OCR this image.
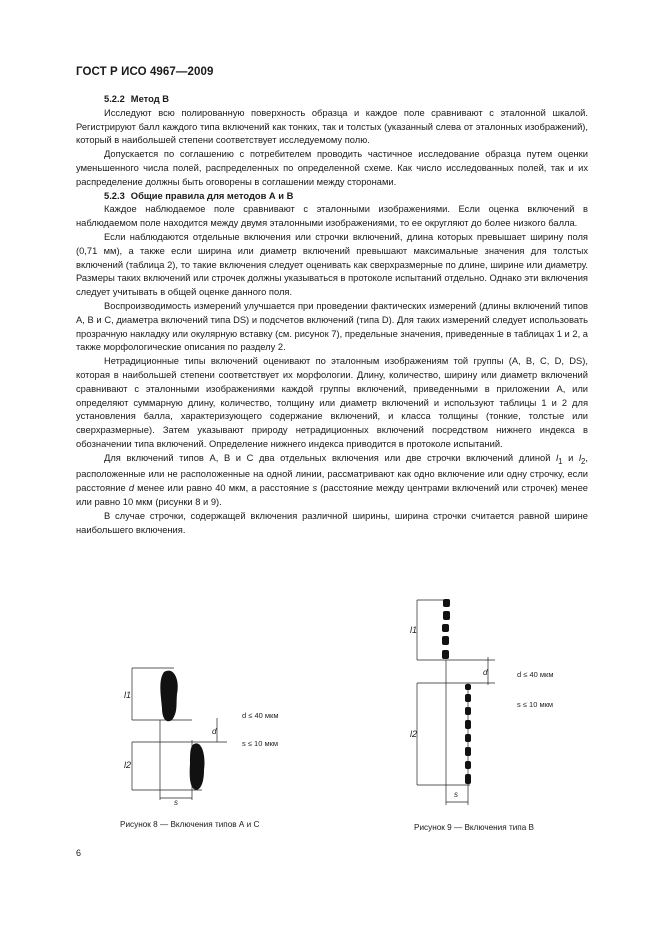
ГОСТ Р ИСО 4967—2009

5.2.2 Метод В

Исследуют всю полированную поверхность образца и каждое поле сравнивают с эталонной шкалой. Регистрируют балл каждого типа включений как тонких, так и толстых (указанный слева от эталонных изображений), который в наибольшей степени соответствует исследуемому полю.

Допускается по соглашению с потребителем проводить частичное исследование образца путем оценки уменьшенного числа полей, распределенных по определенной схеме. Как число исследованных полей, так и их распределение должны быть оговорены в соглашении между сторонами.

5.2.3 Общие правила для методов А и В

Каждое наблюдаемое поле сравнивают с эталонными изображениями. Если оценка включений в наблюдаемом поле находится между двумя эталонными изображениями, то ее округляют до более низкого балла.

Если наблюдаются отдельные включения или строчки включений, длина которых превышает ширину поля (0,71 мм), а также если ширина или диаметр включений превышают максимальные значения для толстых включений (таблица 2), то такие включения следует оценивать как сверхразмерные по длине, ширине или диаметру. Размеры таких включений или строчек должны указываться в протоколе испытаний отдельно. Однако эти включения следует учитывать в общей оценке данного поля.

Воспроизводимость измерений улучшается при проведении фактических измерений (длины включений типов А, В и С, диаметра включений типа DS) и подсчетов включений (типа D). Для таких измерений следует использовать прозрачную накладку или окулярную вставку (см. рисунок 7), предельные значения, приведенные в таблицах 1 и 2, а также морфологические описания по разделу 2.

Нетрадиционные типы включений оценивают по эталонным изображениям той группы (А, В, С, D, DS), которая в наибольшей степени соответствует их морфологии. Длину, количество, ширину или диаметр включений сравнивают с эталонными изображениями каждой группы включений, приведенными в приложении А, или определяют суммарную длину, количество, толщину или диаметр включений и используют таблицы 1 и 2 для установления балла, характеризующего содержание включений, и класса толщины (тонкие, толстые или сверхразмерные). Затем указывают природу нетрадиционных включений посредством нижнего индекса в обозначении типа включений. Определение нижнего индекса приводится в протоколе испытаний.

Для включений типов А, В и С два отдельных включения или две строчки включений длиной $l_1$ и $l_2$, расположенные или не расположенные на одной линии, рассматривают как одно включение или одну строчку, если расстояние d менее или равно 40 мкм, а расстояние s (расстояние между центрами включений или строчек) менее или равно 10 мкм (рисунки 8 и 9).

В случае строчки, содержащей включения различной ширины, ширина строчки считается равной ширине наибольшего включения.

l1
l2
d
s
d ≤ 40 мкм
s ≤ 10 мкм
Рисунок 8 — Включения типов А и С
l1
l2
d
s
d ≤ 40 мкм
s ≤ 10 мкм
Рисунок 9 — Включения типа В
6
